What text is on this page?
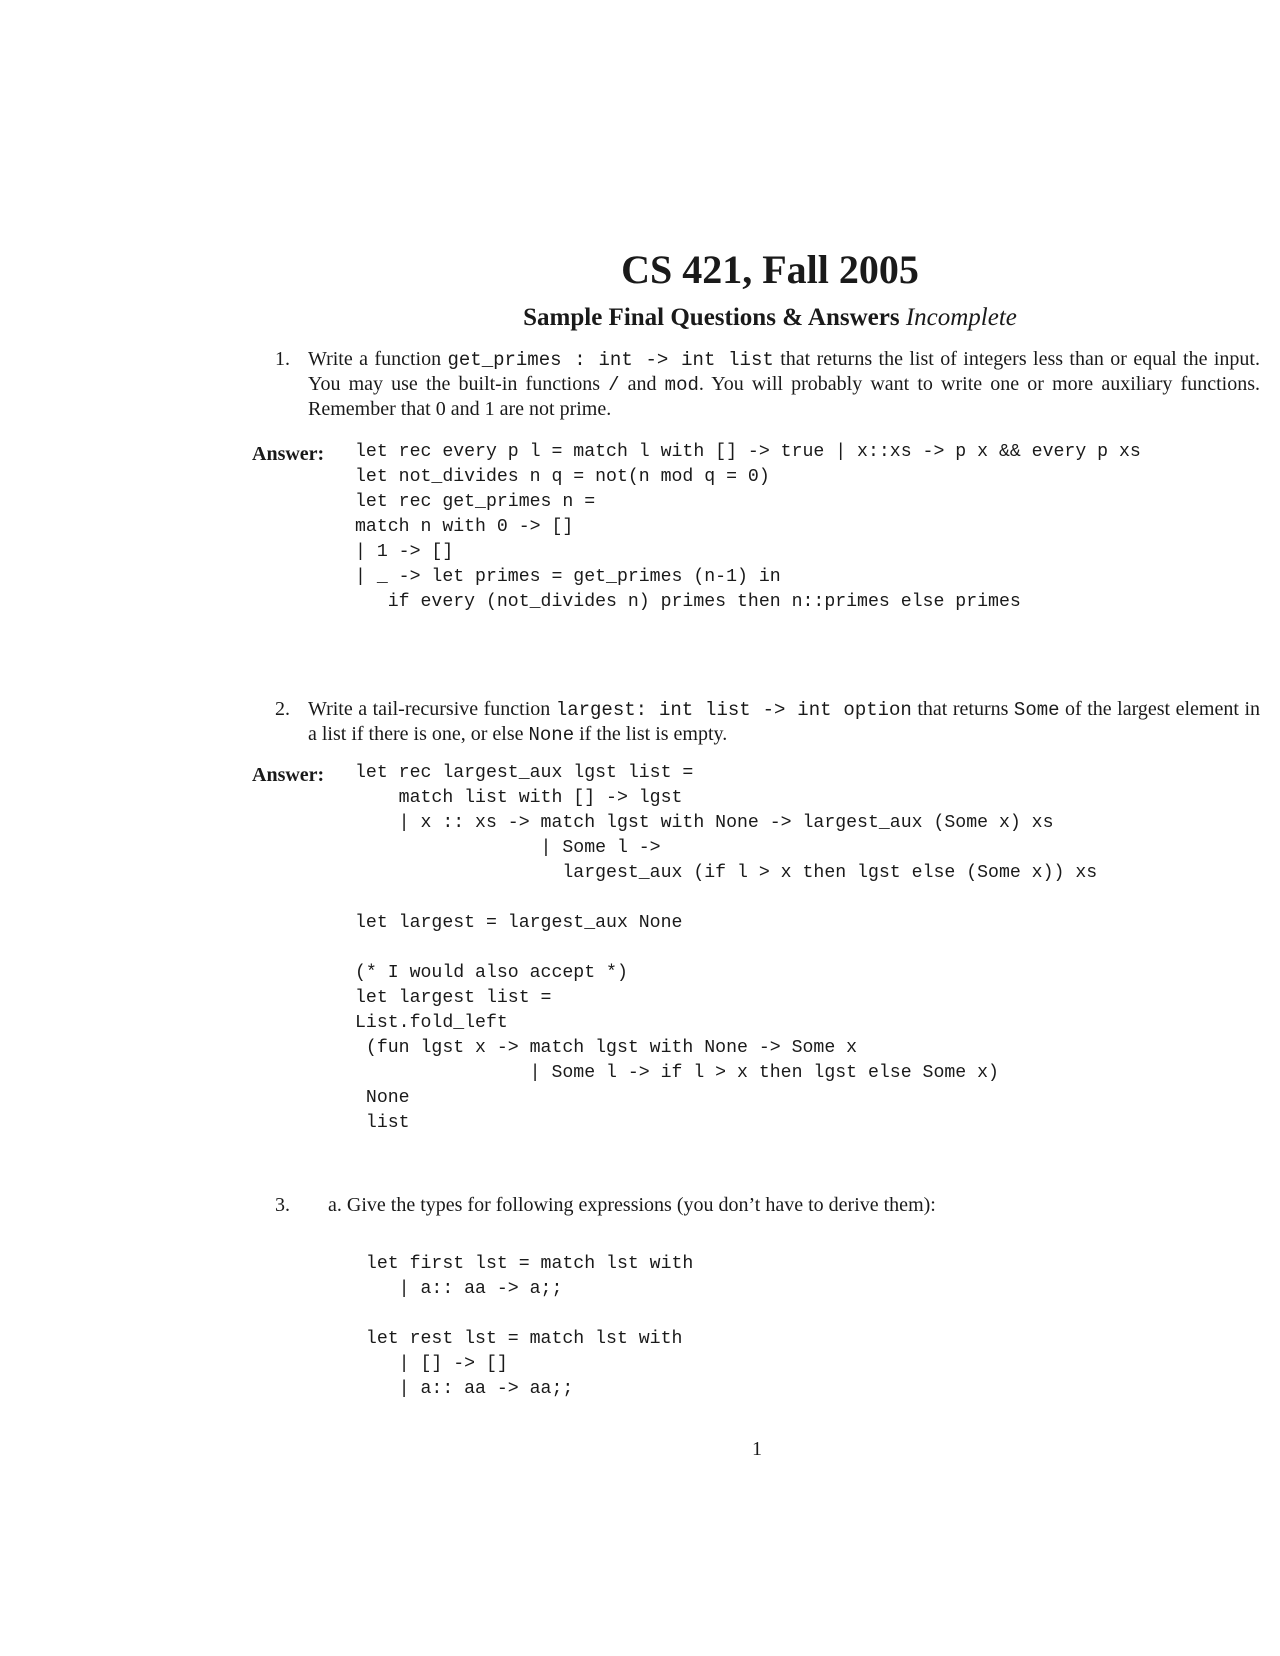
CS 421, Fall 2005
Sample Final Questions & Answers Incomplete
1. Write a function get_primes : int -> int list that returns the list of integers less than or equal the input. You may use the built-in functions / and mod. You will probably want to write one or more auxiliary functions. Remember that 0 and 1 are not prime.
Answer: let rec every p l = match l with [] -> true | x::xs -> p x && every p xs
let not_divides n q = not(n mod q = 0)
let rec get_primes n =
match n with 0 -> []
| 1 -> []
| _ -> let primes = get_primes (n-1) in
if every (not_divides n) primes then n::primes else primes
2. Write a tail-recursive function largest: int list -> int option that returns Some of the largest element in a list if there is one, or else None if the list is empty.
Answer: let rec largest_aux lgst list =
match list with [] -> lgst
| x :: xs -> match lgst with None -> largest_aux (Some x) xs
| Some l ->
largest_aux (if l > x then lgst else (Some x)) xs

let largest = largest_aux None

(* I would also accept *)
let largest list =
List.fold_left
(fun lgst x -> match lgst with None -> Some x
| Some l -> if l > x then lgst else Some x)
None
list
3. a. Give the types for following expressions (you don’t have to derive them):
let first lst = match lst with
| a:: aa -> a;;

let rest lst = match lst with
| [] -> []
| a:: aa -> aa;;
1
